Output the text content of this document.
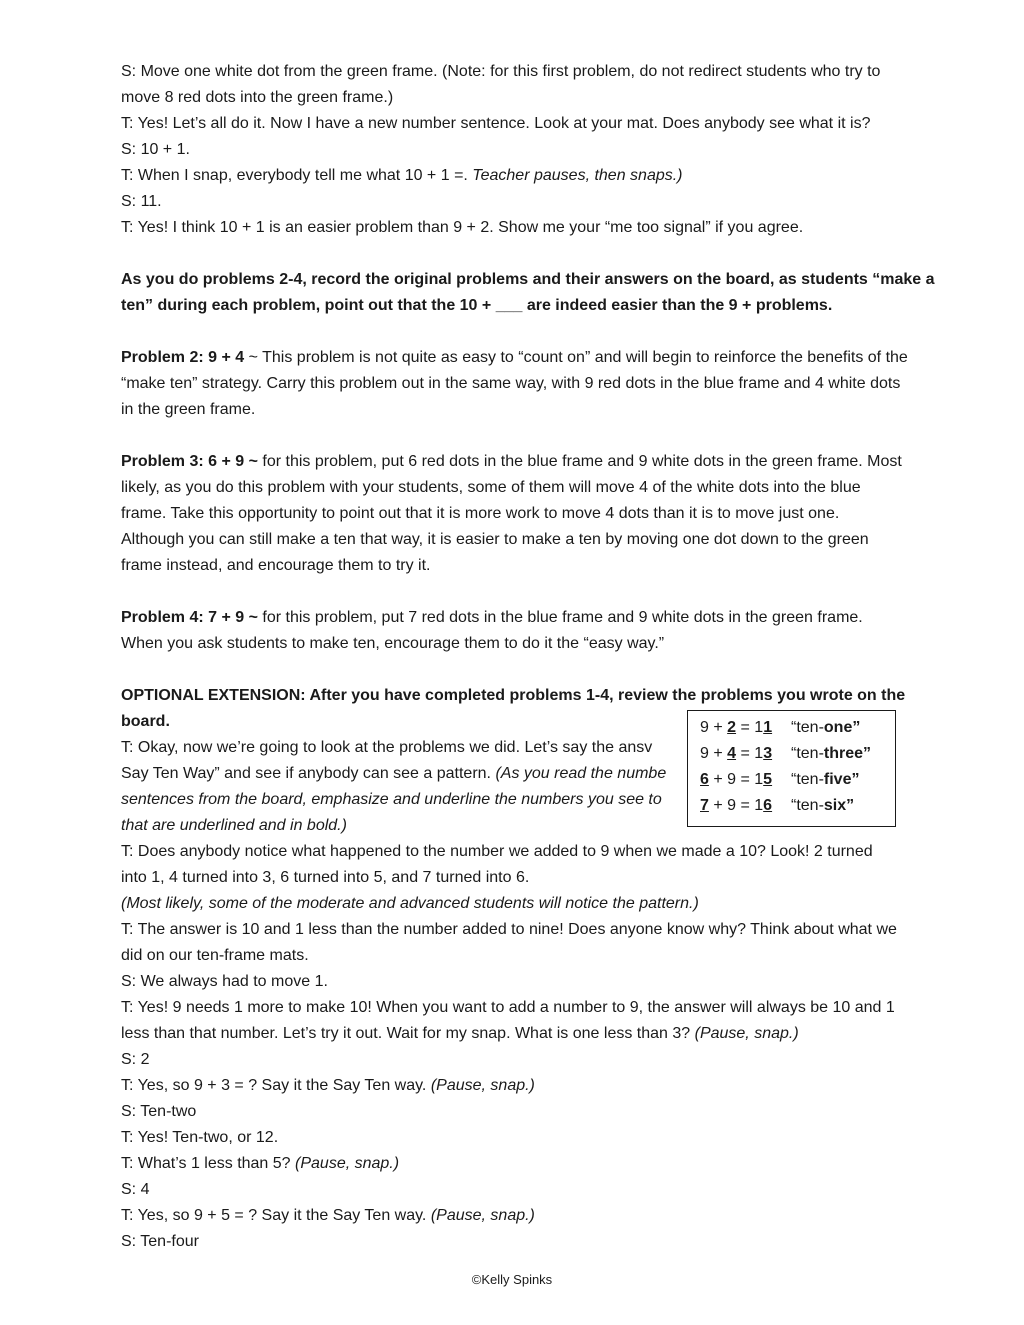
S: Move one white dot from the green frame. (Note: for this first problem, do not redirect students who try to
move 8 red dots into the green frame.)
T: Yes! Let’s all do it. Now I have a new number sentence. Look at your mat. Does anybody see what it is?
S: 10 + 1.
T: When I snap, everybody tell me what 10 + 1 =. Teacher pauses, then snaps.)
S: 11.
T: Yes! I think 10 + 1 is an easier problem than 9 + 2. Show me your “me too signal” if you agree.
As you do problems 2-4, record the original problems and their answers on the board, as students “make a
ten” during each problem, point out that the 10 + ___ are indeed easier than the 9 + problems.
Problem 2: 9 + 4 ~ This problem is not quite as easy to “count on” and will begin to reinforce the benefits of the
“make ten” strategy. Carry this problem out in the same way, with 9 red dots in the blue frame and 4 white dots
in the green frame.
Problem 3: 6 + 9 ~ for this problem, put 6 red dots in the blue frame and 9 white dots in the green frame. Most
likely, as you do this problem with your students, some of them will move 4 of the white dots into the blue
frame. Take this opportunity to point out that it is more work to move 4 dots than it is to move just one.
Although you can still make a ten that way, it is easier to make a ten by moving one dot down to the green
frame instead, and encourage them to try it.
Problem 4: 7 + 9 ~ for this problem, put 7 red dots in the blue frame and 9 white dots in the green frame.
When you ask students to make ten, encourage them to do it the “easy way.”
OPTIONAL EXTENSION: After you have completed problems 1-4, review the problems you wrote on the
board.
T: Okay, now we’re going to look at the problems we did. Let’s say the ansv
Say Ten Way” and see if anybody can see a pattern. (As you read the numbe
sentences from the board, emphasize and underline the numbers you see to
that are underlined and in bold.)
T: Does anybody notice what happened to the number we added to 9 when we made a 10? Look! 2 turned
into 1, 4 turned into 3, 6 turned into 5, and 7 turned into 6.
(Most likely, some of the moderate and advanced students will notice the pattern.)
T: The answer is 10 and 1 less than the number added to nine! Does anyone know why? Think about what we
did on our ten-frame mats.
S: We always had to move 1.
T: Yes! 9 needs 1 more to make 10! When you want to add a number to 9, the answer will always be 10 and 1
less than that number. Let’s try it out. Wait for my snap. What is one less than 3? (Pause, snap.)
S: 2
T: Yes, so 9 + 3 = ? Say it the Say Ten way. (Pause, snap.)
S: Ten-two
T: Yes! Ten-two, or 12.
T: What’s 1 less than 5? (Pause, snap.)
S: 4
T: Yes, so 9 + 5 = ? Say it the Say Ten way. (Pause, snap.)
S: Ten-four
9 + 2 = 11 “ten-one”
9 + 4 = 13 “ten-three”
6 + 9 = 15 “ten-five”
7 + 9 = 16 “ten-six”
©Kelly Spinks
